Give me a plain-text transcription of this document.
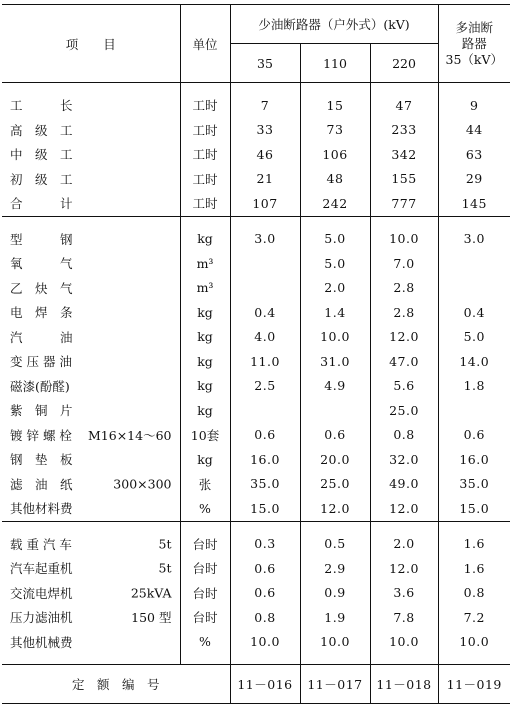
项　　目	单位	少油断路器（户外式）(kV)			多油断
路器
35（kV）

		35	110	220	

工　　　长	工时	7	15	47	9
高　级　工	工时	33	73	233	44
中　级　工	工时	46	106	342	63
初　级　工	工时	21	48	155	29
合　　　计	工时	107	242	777	145

型　　　钢	kg	3.0	5.0	10.0	3.0
氧　　　气	m³		5.0	7.0	
乙　炔　气	m³		2.0	2.8	
电　焊　条	kg	0.4	1.4	2.8	0.4
汽　　　油	kg	4.0	10.0	12.0	5.0
变 压 器 油	kg	11.0	31.0	47.0	14.0
磁漆(酚醛)	kg	2.5	4.9	5.6	1.8
紫　铜　片	kg			25.0	
镀 锌 螺 栓 M16×14～60	10套	0.6	0.6	0.8	0.6
钢　垫　板	kg	16.0	20.0	32.0	16.0
滤　油　纸 300×300	张	35.0	25.0	49.0	35.0
其他材料费	%	15.0	12.0	12.0	15.0

载 重 汽 车 5t	台时	0.3	0.5	2.0	1.6
汽车起重机 5t	台时	0.6	2.9	12.0	1.6
交流电焊机 25kVA	台时	0.6	0.9	3.6	0.8
压力滤油机 150 型	台时	0.8	1.9	7.8	7.2
其他机械费	%	10.0	10.0	10.0	10.0

定　额　编　号		11－016	11－017	11－018	11－019
